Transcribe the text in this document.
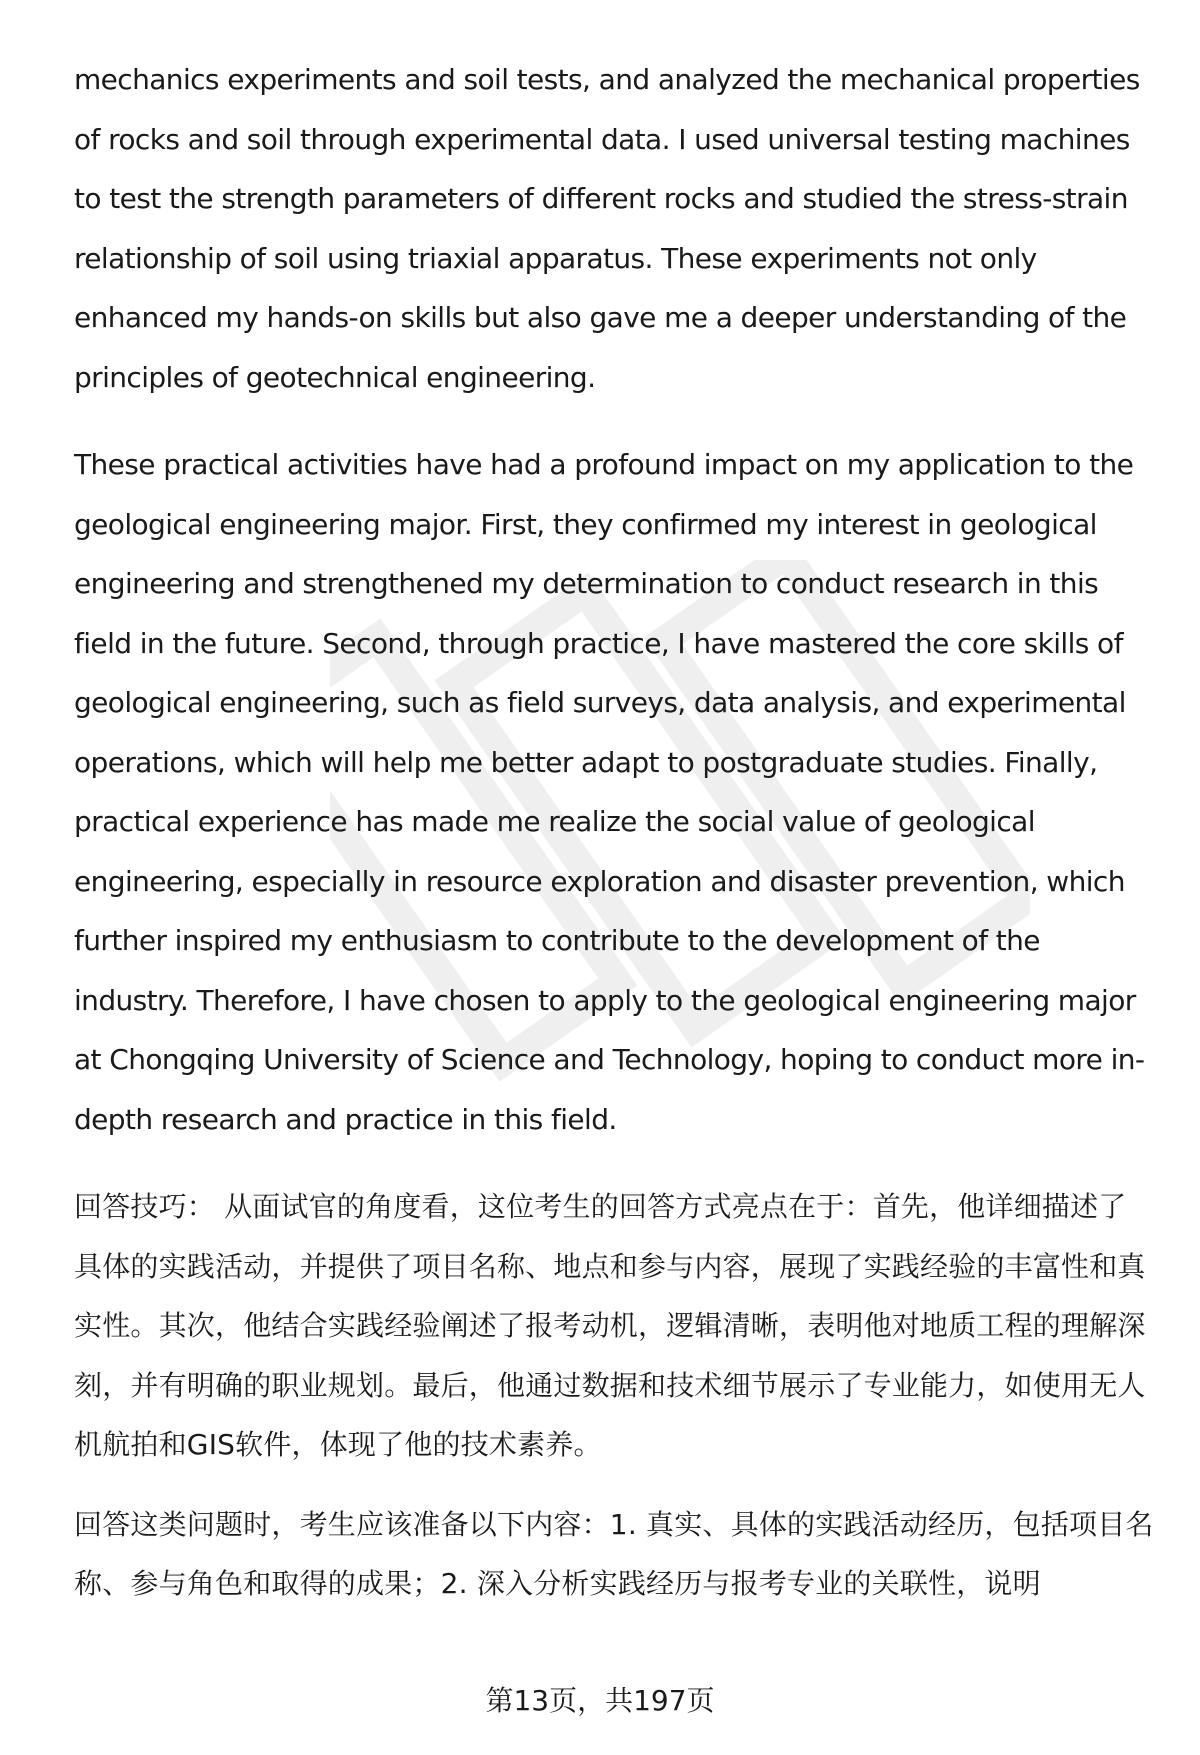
mechanics experiments and soil tests, and analyzed the mechanical properties of rocks and soil through experimental data. I used universal testing machines to test the strength parameters of different rocks and studied the stress-strain relationship of soil using triaxial apparatus. These experiments not only enhanced my hands-on skills but also gave me a deeper understanding of the principles of geotechnical engineering.

These practical activities have had a profound impact on my application to the geological engineering major. First, they confirmed my interest in geological engineering and strengthened my determination to conduct research in this field in the future. Second, through practice, I have mastered the core skills of geological engineering, such as field surveys, data analysis, and experimental operations, which will help me better adapt to postgraduate studies. Finally, practical experience has made me realize the social value of geological engineering, especially in resource exploration and disaster prevention, which further inspired my enthusiasm to contribute to the development of the industry. Therefore, I have chosen to apply to the geological engineering major at Chongqing University of Science and Technology, hoping to conduct more in-depth research and practice in this field.

回答技巧： 从面试官的角度看，这位考生的回答方式亮点在于：首先，他详细描述了具体的实践活动，并提供了项目名称、地点和参与内容，展现了实践经验的丰富性和真实性。其次，他结合实践经验阐述了报考动机，逻辑清晰，表明他对地质工程的理解深刻，并有明确的职业规划。最后，他通过数据和技术细节展示了专业能力，如使用无人机航拍和GIS软件，体现了他的技术素养。

回答这类问题时，考生应该准备以下内容：1. 真实、具体的实践活动经历，包括项目名称、参与角色和取得的成果；2. 深入分析实践经历与报考专业的关联性，说明

第13页，共197页
